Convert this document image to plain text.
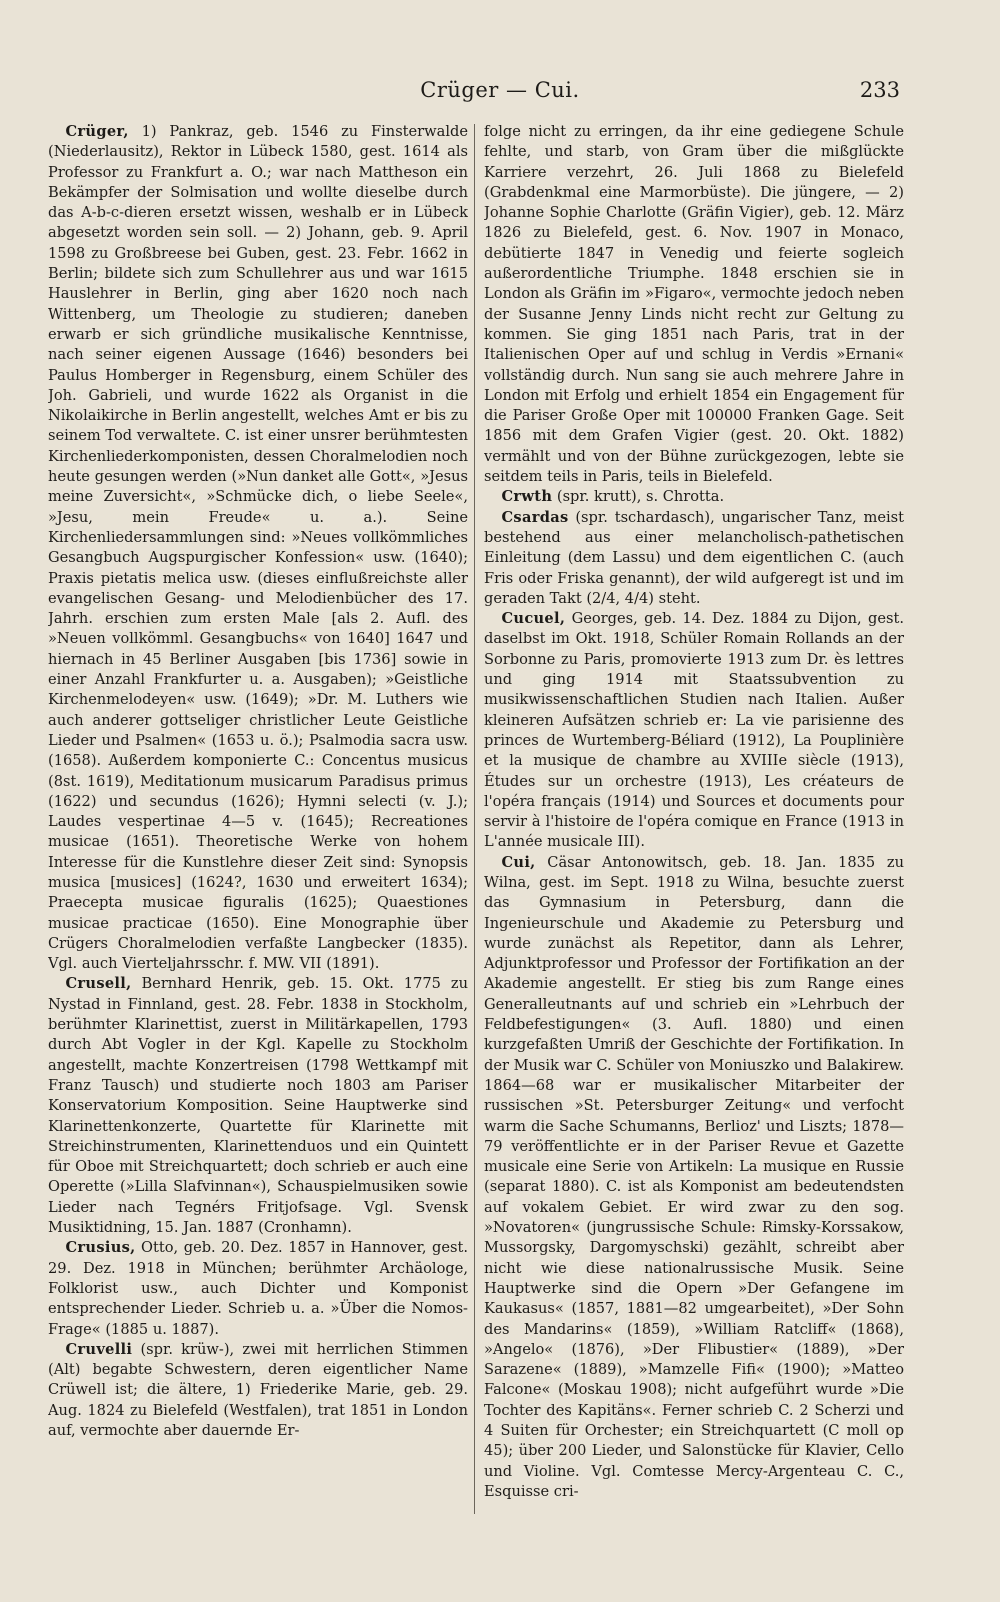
Crüger — Cui.	233

Crüger, 1) Pankraz, geb. 1546 zu Finsterwalde (Niederlausitz), Rektor in Lübeck 1580, gest. 1614 als Professor zu Frankfurt a. O.; war nach Mattheson ein Bekämpfer der Solmisation und wollte dieselbe durch das A-b-c-dieren ersetzt wissen, weshalb er in Lübeck abgesetzt worden sein soll. — 2) Johann, geb. 9. April 1598 zu Großbreese bei Guben, gest. 23. Febr. 1662 in Berlin; bildete sich zum Schullehrer aus und war 1615 Hauslehrer in Berlin, ging aber 1620 noch nach Wittenberg, um Theologie zu studieren; daneben erwarb er sich gründliche musikalische Kenntnisse, nach seiner eigenen Aussage (1646) besonders bei Paulus Homberger in Regensburg, einem Schüler des Joh. Gabrieli, und wurde 1622 als Organist in die Nikolaikirche in Berlin angestellt, welches Amt er bis zu seinem Tod verwaltete. C. ist einer unsrer berühmtesten Kirchenliederkomponisten, dessen Choralmelodien noch heute gesungen werden (»Nun danket alle Gott«, »Jesus meine Zuversicht«, »Schmücke dich, o liebe Seele«, »Jesu, mein Freude« u. a.). Seine Kirchenliedersammlungen sind: »Neues vollkömmliches Gesangbuch Augspurgischer Konfession« usw. (1640); Praxis pietatis melica usw. (dieses einflußreichste aller evangelischen Gesang- und Melodienbücher des 17. Jahrh. erschien zum ersten Male [als 2. Aufl. des »Neuen vollkömml. Gesangbuchs« von 1640] 1647 und hiernach in 45 Berliner Ausgaben [bis 1736] sowie in einer Anzahl Frankfurter u. a. Ausgaben); »Geistliche Kirchenmelodeyen« usw. (1649); »Dr. M. Luthers wie auch anderer gottseliger christlicher Leute Geistliche Lieder und Psalmen« (1653 u. ö.); Psalmodia sacra usw. (1658). Außerdem komponierte C.: Concentus musicus (8st. 1619), Meditationum musicarum Paradisus primus (1622) und secundus (1626); Hymni selecti (v. J.); Laudes vespertinae 4—5 v. (1645); Recreationes musicae (1651). Theoretische Werke von hohem Interesse für die Kunstlehre dieser Zeit sind: Synopsis musica [musices] (1624?, 1630 und erweitert 1634); Praecepta musicae figuralis (1625); Quaestiones musicae practicae (1650). Eine Monographie über Crügers Choralmelodien verfaßte Langbecker (1835). Vgl. auch Vierteljahrsschr. f. MW. VII (1891).

Crusell, Bernhard Henrik, geb. 15. Okt. 1775 zu Nystad in Finnland, gest. 28. Febr. 1838 in Stockholm, berühmter Klarinettist, zuerst in Militärkapellen, 1793 durch Abt Vogler in der Kgl. Kapelle zu Stockholm angestellt, machte Konzertreisen (1798 Wettkampf mit Franz Tausch) und studierte noch 1803 am Pariser Konservatorium Komposition. Seine Hauptwerke sind Klarinettenkonzerte, Quartette für Klarinette mit Streichinstrumenten, Klarinettenduos und ein Quintett für Oboe mit Streichquartett; doch schrieb er auch eine Operette (»Lilla Slafvinnan«), Schauspielmusiken sowie Lieder nach Tegnérs Fritjofsage. Vgl. Svensk Musiktidning, 15. Jan. 1887 (Cronhamn).

Crusius, Otto, geb. 20. Dez. 1857 in Hannover, gest. 29. Dez. 1918 in München; berühmter Archäologe, Folklorist usw., auch Dichter und Komponist entsprechender Lieder. Schrieb u. a. »Über die Nomos-Frage« (1885 u. 1887).

Cruvelli (spr. krüw-), zwei mit herrlichen Stimmen (Alt) begabte Schwestern, deren eigentlicher Name Crüwell ist; die ältere, 1) Friederike Marie, geb. 29. Aug. 1824 zu Bielefeld (Westfalen), trat 1851 in London auf, vermochte aber dauernde Er-

folge nicht zu erringen, da ihr eine gediegene Schule fehlte, und starb, von Gram über die mißglückte Karriere verzehrt, 26. Juli 1868 zu Bielefeld (Grabdenkmal eine Marmorbüste). Die jüngere, — 2) Johanne Sophie Charlotte (Gräfin Vigier), geb. 12. März 1826 zu Bielefeld, gest. 6. Nov. 1907 in Monaco, debütierte 1847 in Venedig und feierte sogleich außerordentliche Triumphe. 1848 erschien sie in London als Gräfin im »Figaro«, vermochte jedoch neben der Susanne Jenny Linds nicht recht zur Geltung zu kommen. Sie ging 1851 nach Paris, trat in der Italienischen Oper auf und schlug in Verdis »Ernani« vollständig durch. Nun sang sie auch mehrere Jahre in London mit Erfolg und erhielt 1854 ein Engagement für die Pariser Große Oper mit 100000 Franken Gage. Seit 1856 mit dem Grafen Vigier (gest. 20. Okt. 1882) vermählt und von der Bühne zurückgezogen, lebte sie seitdem teils in Paris, teils in Bielefeld.

Crwth (spr. krutt), s. Chrotta.

Csardas (spr. tschardasch), ungarischer Tanz, meist bestehend aus einer melancholisch-pathetischen Einleitung (dem Lassu) und dem eigentlichen C. (auch Fris oder Friska genannt), der wild aufgeregt ist und im geraden Takt (2/4, 4/4) steht.

Cucuel, Georges, geb. 14. Dez. 1884 zu Dijon, gest. daselbst im Okt. 1918, Schüler Romain Rollands an der Sorbonne zu Paris, promovierte 1913 zum Dr. ès lettres und ging 1914 mit Staatssubvention zu musikwissenschaftlichen Studien nach Italien. Außer kleineren Aufsätzen schrieb er: La vie parisienne des princes de Wurtemberg-Béliard (1912), La Pouplinière et la musique de chambre au XVIIIe siècle (1913), Études sur un orchestre (1913), Les créateurs de l'opéra français (1914) und Sources et documents pour servir à l'histoire de l'opéra comique en France (1913 in L'année musicale III).

Cui, Cäsar Antonowitsch, geb. 18. Jan. 1835 zu Wilna, gest. im Sept. 1918 zu Wilna, besuchte zuerst das Gymnasium in Petersburg, dann die Ingenieurschule und Akademie zu Petersburg und wurde zunächst als Repetitor, dann als Lehrer, Adjunktprofessor und Professor der Fortifikation an der Akademie angestellt. Er stieg bis zum Range eines Generalleutnants auf und schrieb ein »Lehrbuch der Feldbefestigungen« (3. Aufl. 1880) und einen kurzgefaßten Umriß der Geschichte der Fortifikation. In der Musik war C. Schüler von Moniuszko und Balakirew. 1864—68 war er musikalischer Mitarbeiter der russischen »St. Petersburger Zeitung« und verfocht warm die Sache Schumanns, Berlioz' und Liszts; 1878—79 veröffentlichte er in der Pariser Revue et Gazette musicale eine Serie von Artikeln: La musique en Russie (separat 1880). C. ist als Komponist am bedeutendsten auf vokalem Gebiet. Er wird zwar zu den sog. »Novatoren« (jungrussische Schule: Rimsky-Korssakow, Mussorgsky, Dargomyschski) gezählt, schreibt aber nicht wie diese nationalrussische Musik. Seine Hauptwerke sind die Opern »Der Gefangene im Kaukasus« (1857, 1881—82 umgearbeitet), »Der Sohn des Mandarins« (1859), »William Ratcliff« (1868), »Angelo« (1876), »Der Flibustier« (1889), »Der Sarazene« (1889), »Mamzelle Fifi« (1900); »Matteo Falcone« (Moskau 1908); nicht aufgeführt wurde »Die Tochter des Kapitäns«. Ferner schrieb C. 2 Scherzi und 4 Suiten für Orchester; ein Streichquartett (C moll op 45); über 200 Lieder, und Salonstücke für Klavier, Cello und Violine. Vgl. Comtesse Mercy-Argenteau C. C., Esquisse cri-
